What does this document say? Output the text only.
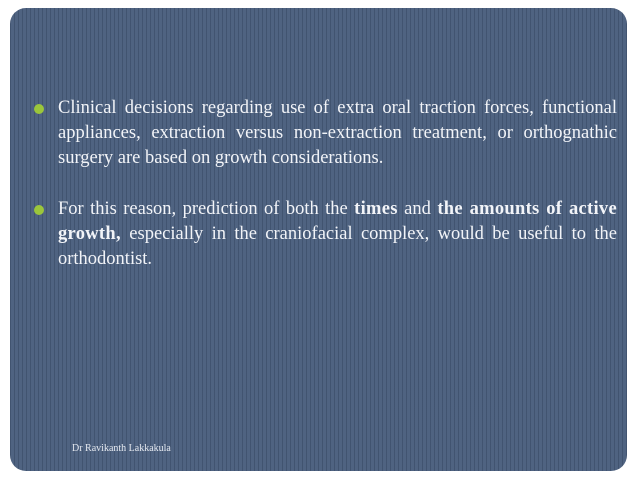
Clinical decisions regarding use of extra oral traction forces, functional appliances, extraction versus non-extraction treatment, or orthognathic surgery are based on growth considerations.
For this reason, prediction of both the times and the amounts of active growth, especially in the craniofacial complex, would be useful to the orthodontist.
Dr Ravikanth Lakkakula
